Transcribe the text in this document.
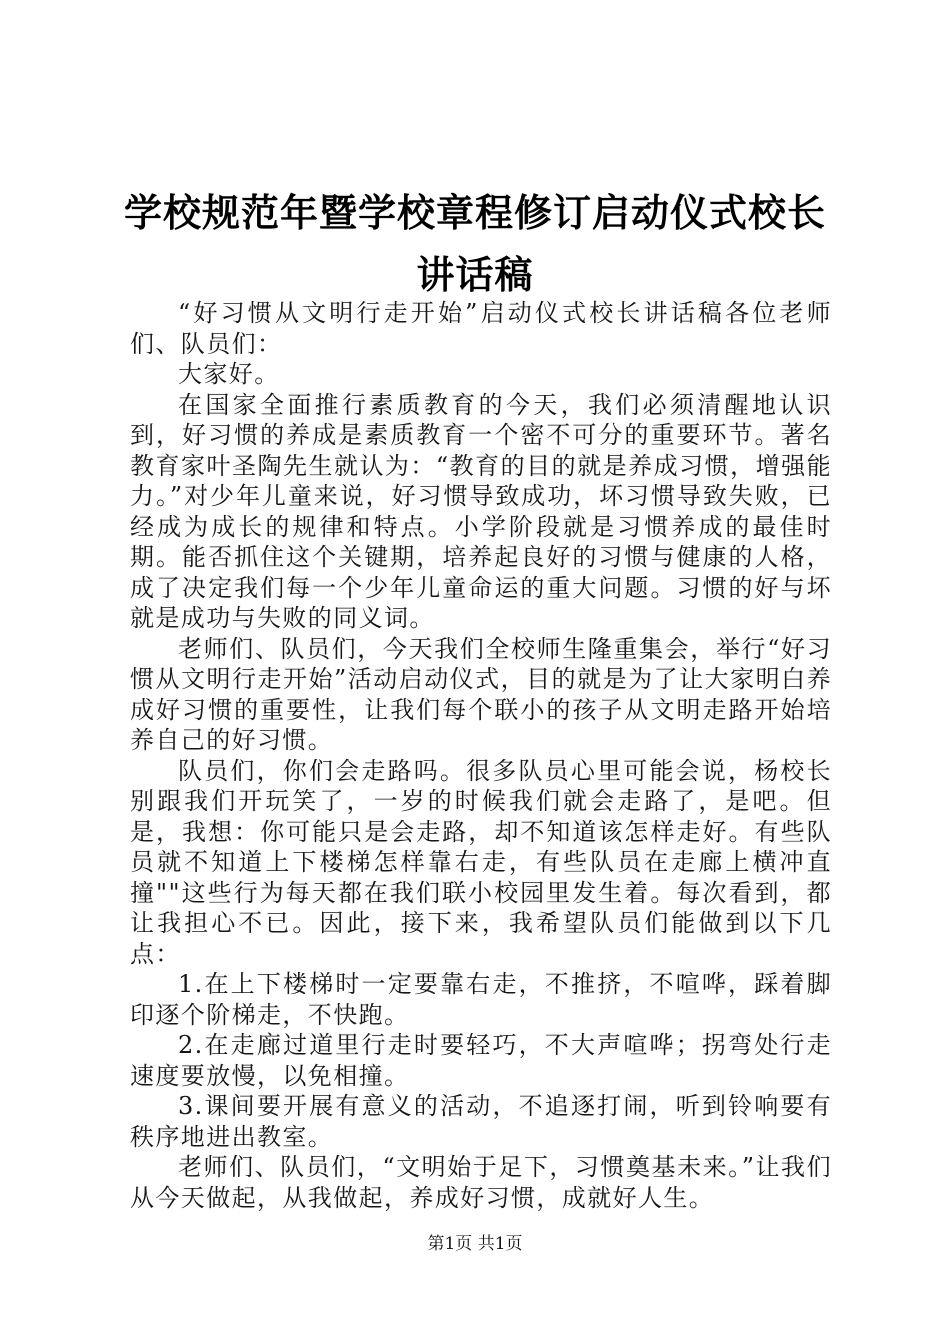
学校规范年暨学校章程修订启动仪式校长讲话稿

“好习惯从文明行走开始”启动仪式校长讲话稿各位老师们、队员们：

大家好。

在国家全面推行素质教育的今天，我们必须清醒地认识到，好习惯的养成是素质教育一个密不可分的重要环节。著名教育家叶圣陶先生就认为：“教育的目的就是养成习惯，增强能力。”对少年儿童来说，好习惯导致成功，坏习惯导致失败，已经成为成长的规律和特点。小学阶段就是习惯养成的最佳时期。能否抓住这个关键期，培养起良好的习惯与健康的人格，成了决定我们每一个少年儿童命运的重大问题。习惯的好与坏就是成功与失败的同义词。

老师们、队员们，今天我们全校师生隆重集会，举行“好习惯从文明行走开始”活动启动仪式，目的就是为了让大家明白养成好习惯的重要性，让我们每个联小的孩子从文明走路开始培养自己的好习惯。

队员们，你们会走路吗。很多队员心里可能会说，杨校长别跟我们开玩笑了，一岁的时候我们就会走路了，是吧。但是，我想：你可能只是会走路，却不知道该怎样走好。有些队员就不知道上下楼梯怎样靠右走，有些队员在走廊上横冲直撞""这些行为每天都在我们联小校园里发生着。每次看到，都让我担心不已。因此，接下来，我希望队员们能做到以下几点：

1.在上下楼梯时一定要靠右走，不推挤，不喧哗，踩着脚印逐个阶梯走，不快跑。

2.在走廊过道里行走时要轻巧，不大声喧哗；拐弯处行走速度要放慢，以免相撞。

3.课间要开展有意义的活动，不追逐打闹，听到铃响要有秩序地进出教室。

老师们、队员们，“文明始于足下，习惯奠基未来。”让我们从今天做起，从我做起，养成好习惯，成就好人生。

第1页 共1页
